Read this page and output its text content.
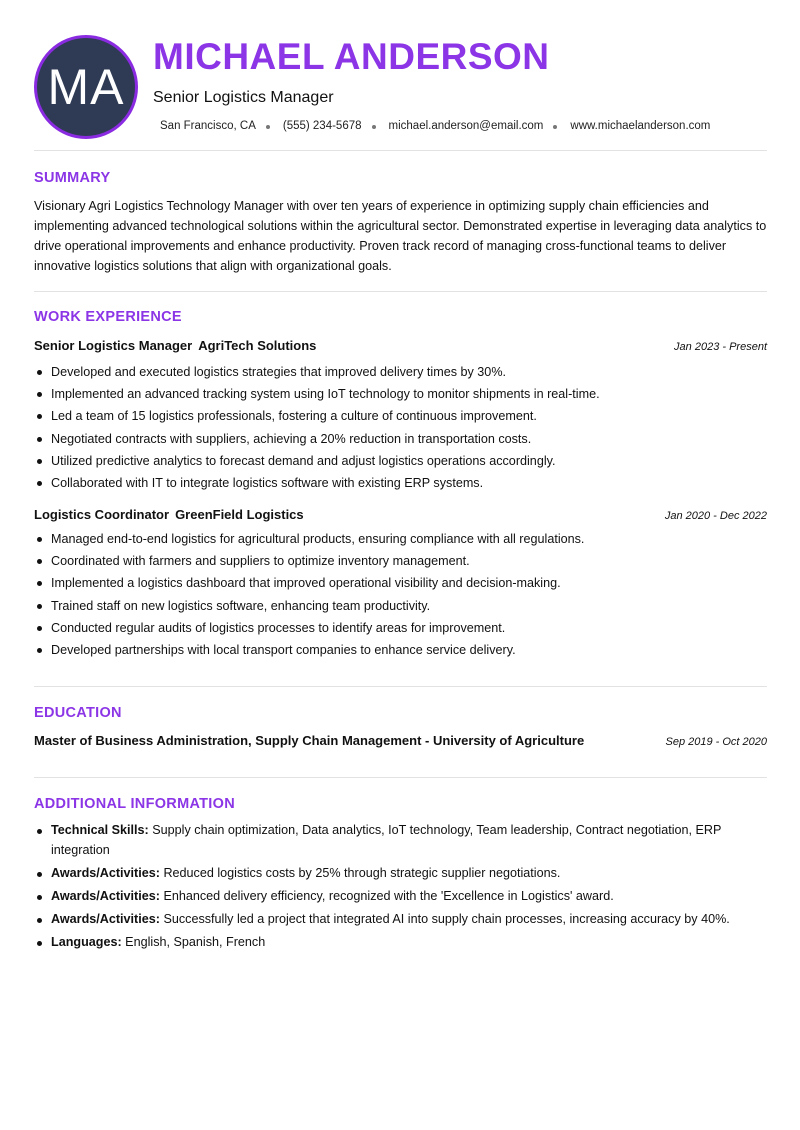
MA
MICHAEL ANDERSON
Senior Logistics Manager
San Francisco, CA (555) 234-5678 michael.anderson@email.com www.michaelanderson.com
SUMMARY
Visionary Agri Logistics Technology Manager with over ten years of experience in optimizing supply chain efficiencies and implementing advanced technological solutions within the agricultural sector. Demonstrated expertise in leveraging data analytics to drive operational improvements and enhance productivity. Proven track record of managing cross-functional teams to deliver innovative logistics solutions that align with organizational goals.
WORK EXPERIENCE
Senior Logistics Manager AgriTech Solutions	Jan 2023 - Present
Developed and executed logistics strategies that improved delivery times by 30%.
Implemented an advanced tracking system using IoT technology to monitor shipments in real-time.
Led a team of 15 logistics professionals, fostering a culture of continuous improvement.
Negotiated contracts with suppliers, achieving a 20% reduction in transportation costs.
Utilized predictive analytics to forecast demand and adjust logistics operations accordingly.
Collaborated with IT to integrate logistics software with existing ERP systems.
Logistics Coordinator GreenField Logistics	Jan 2020 - Dec 2022
Managed end-to-end logistics for agricultural products, ensuring compliance with all regulations.
Coordinated with farmers and suppliers to optimize inventory management.
Implemented a logistics dashboard that improved operational visibility and decision-making.
Trained staff on new logistics software, enhancing team productivity.
Conducted regular audits of logistics processes to identify areas for improvement.
Developed partnerships with local transport companies to enhance service delivery.
EDUCATION
Master of Business Administration, Supply Chain Management - University of Agriculture	Sep 2019 - Oct 2020
ADDITIONAL INFORMATION
Technical Skills: Supply chain optimization, Data analytics, IoT technology, Team leadership, Contract negotiation, ERP integration
Awards/Activities: Reduced logistics costs by 25% through strategic supplier negotiations.
Awards/Activities: Enhanced delivery efficiency, recognized with the 'Excellence in Logistics' award.
Awards/Activities: Successfully led a project that integrated AI into supply chain processes, increasing accuracy by 40%.
Languages: English, Spanish, French
